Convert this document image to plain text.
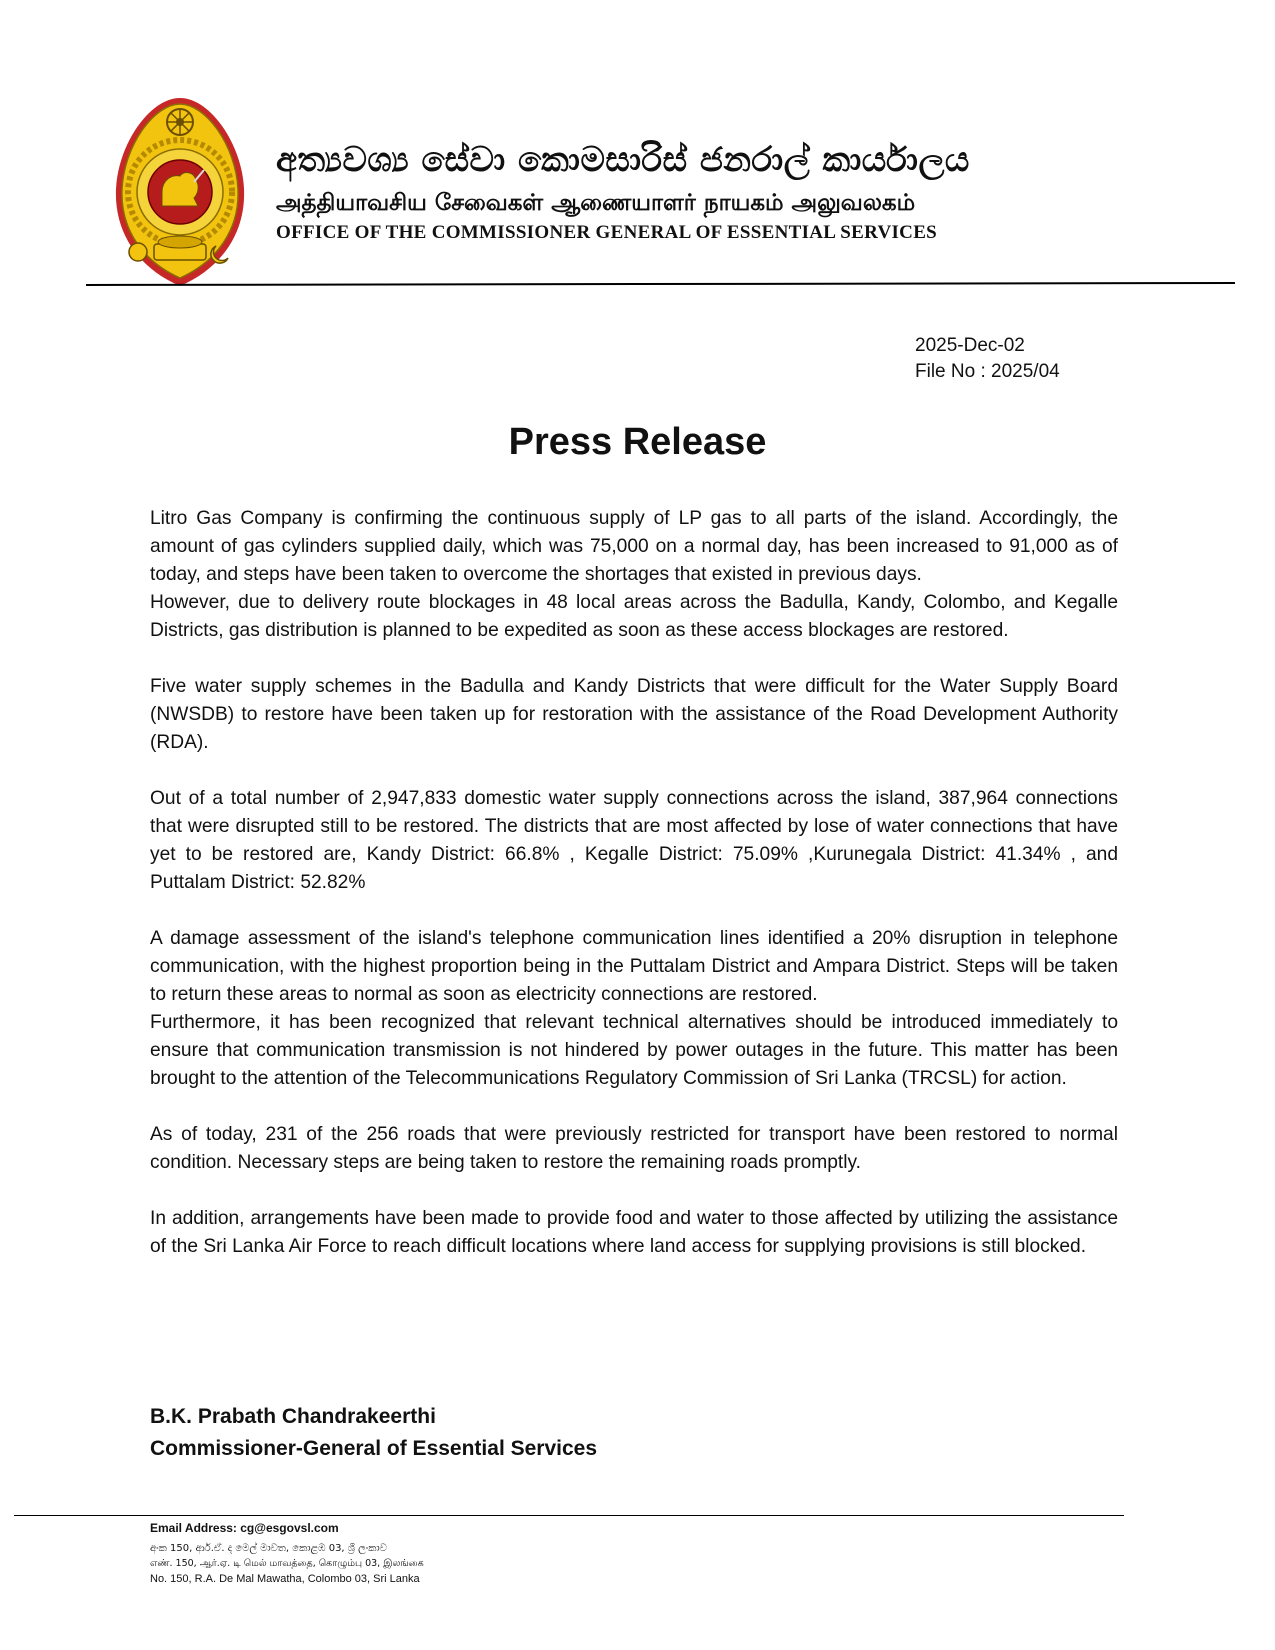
අත්‍යවශ්‍ය සේවා කොමසාරිස් ජනරාල් කාර්යාලය
அத்தியாவசிய சேவைகள் ஆணையாளர் நாயகம் அலுவலகம்
OFFICE OF THE COMMISSIONER GENERAL OF ESSENTIAL SERVICES
2025-Dec-02
File No : 2025/04
Press Release

Litro Gas Company is confirming the continuous supply of LP gas to all parts of the island. Accordingly, the amount of gas cylinders supplied daily, which was 75,000 on a normal day, has been increased to 91,000 as of today, and steps have been taken to overcome the shortages that existed in previous days.

However, due to delivery route blockages in 48 local areas across the Badulla, Kandy, Colombo, and Kegalle Districts, gas distribution is planned to be expedited as soon as these access blockages are restored.

Five water supply schemes in the Badulla and Kandy Districts that were difficult for the Water Supply Board (NWSDB) to restore have been taken up for restoration with the assistance of the Road Development Authority (RDA).

Out of a total number of 2,947,833 domestic water supply connections across the island, 387,964 connections that were disrupted still to be restored. The districts that are most affected by lose of water connections that have yet to be restored are, Kandy District: 66.8% , Kegalle District: 75.09% ,Kurunegala District: 41.34% , and Puttalam District: 52.82%

A damage assessment of the island's telephone communication lines identified a 20% disruption in telephone communication, with the highest proportion being in the Puttalam District and Ampara District. Steps will be taken to return these areas to normal as soon as electricity connections are restored.

Furthermore, it has been recognized that relevant technical alternatives should be introduced immediately to ensure that communication transmission is not hindered by power outages in the future. This matter has been brought to the attention of the Telecommunications Regulatory Commission of Sri Lanka (TRCSL) for action.

As of today, 231 of the 256 roads that were previously restricted for transport have been restored to normal condition. Necessary steps are being taken to restore the remaining roads promptly.

In addition, arrangements have been made to provide food and water to those affected by utilizing the assistance of the Sri Lanka Air Force to reach difficult locations where land access for supplying provisions is still blocked.

B.K. Prabath Chandrakeerthi
Commissioner-General of Essential Services
Email Address: cg@esgovsl.com
අංක 150, ආර්.ඒ. ද මෙල් මාවත, කොළඹ 03, ශ්‍රී ලංකාව
எண். 150, ஆர்.ஏ. டி மெல் மாவத்தை, கொழும்பு 03, இலங்கை
No. 150, R.A. De Mal Mawatha, Colombo 03, Sri Lanka
